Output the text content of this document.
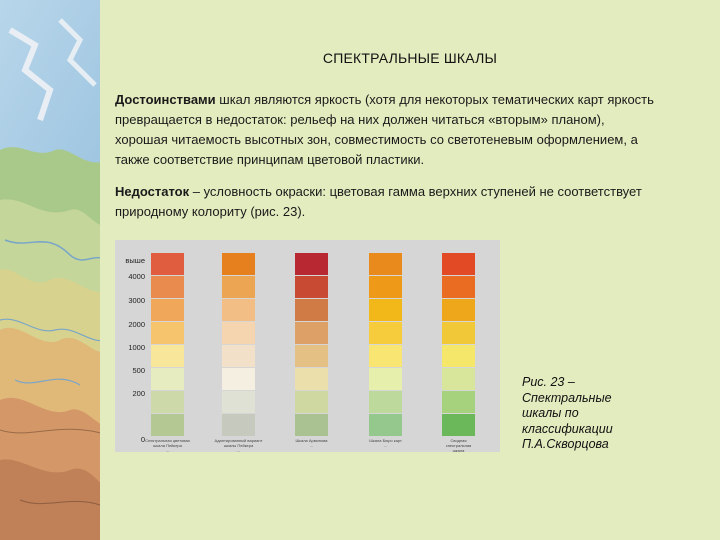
СПЕКТРАЛЬНЫЕ ШКАЛЫ
Достоинствами шкал являются яркость (хотя для некоторых тематических карт яркость превращается в недостаток: рельеф на них должен читаться «вторым» планом), хорошая читаемость высотных зон, совместимость со светотеневым оформлением, а также соответствие принципам цветовой пластики.
Недостаток – условность окраски: цветовая гамма верхних ступеней не соответствует природному колориту (рис. 23).
выше
4000
3000
2000
1000
500
200
0 Спектральная цветовая
шкала Пейкера
…
Адаптированный вариант
шкалы Пейкера
…
Шкала Арминова
…
Шкала Бюро карт
…
Сводная
спектральная
шкала
Рис. 23 – Спектральные шкалы по классификации П.А.Скворцова
